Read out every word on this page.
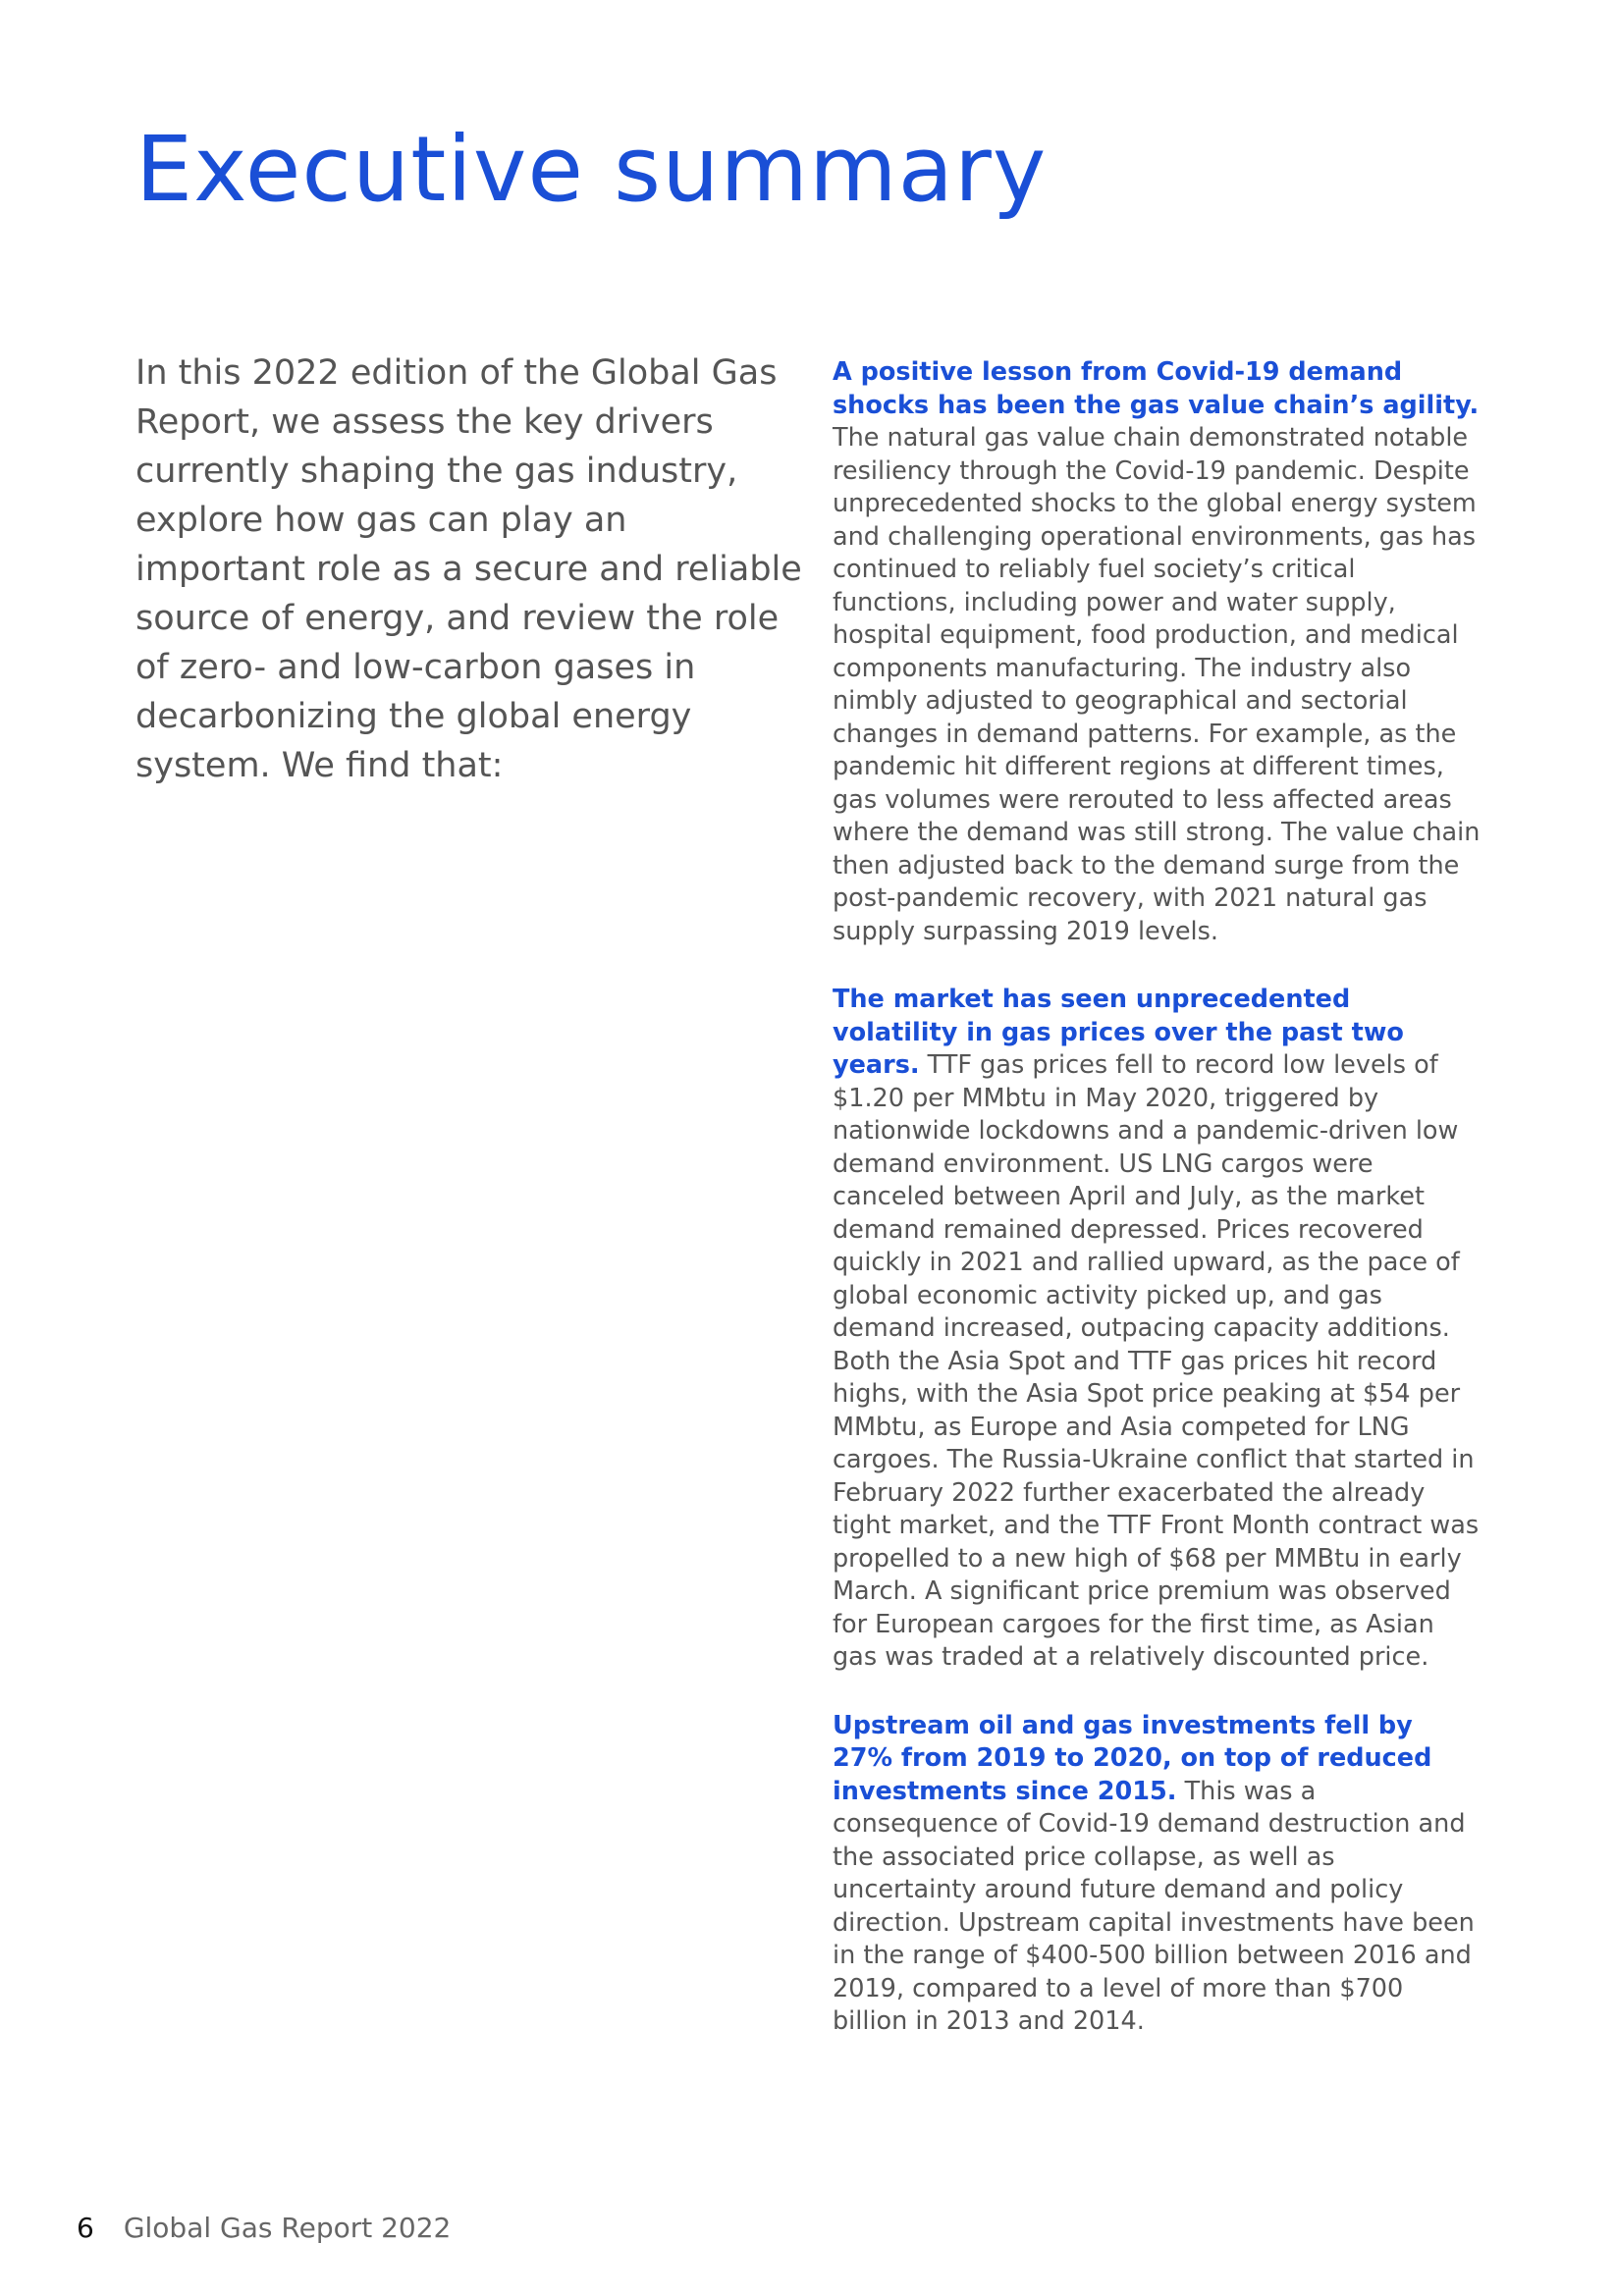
Executive summary

In this 2022 edition of the Global Gas Report, we assess the key drivers currently shaping the gas industry, explore how gas can play an important role as a secure and reliable source of energy, and review the role of zero- and low-carbon gases in decarbonizing the global energy system. We find that:

A positive lesson from Covid-19 demand shocks has been the gas value chain’s agility. The natural gas value chain demonstrated notable resiliency through the Covid-19 pandemic. Despite unprecedented shocks to the global energy system and challenging operational environments, gas has continued to reliably fuel society’s critical functions, including power and water supply, hospital equipment, food production, and medical components manufacturing. The industry also nimbly adjusted to geographical and sectorial changes in demand patterns. For example, as the pandemic hit different regions at different times, gas volumes were rerouted to less affected areas where the demand was still strong. The value chain then adjusted back to the demand surge from the post-pandemic recovery, with 2021 natural gas supply surpassing 2019 levels.

The market has seen unprecedented volatility in gas prices over the past two years. TTF gas prices fell to record low levels of $1.20 per MMbtu in May 2020, triggered by nationwide lockdowns and a pandemic-driven low demand environment. US LNG cargos were canceled between April and July, as the market demand remained depressed. Prices recovered quickly in 2021 and rallied upward, as the pace of global economic activity picked up, and gas demand increased, outpacing capacity additions. Both the Asia Spot and TTF gas prices hit record highs, with the Asia Spot price peaking at $54 per MMbtu, as Europe and Asia competed for LNG cargoes. The Russia-Ukraine conflict that started in February 2022 further exacerbated the already tight market, and the TTF Front Month contract was propelled to a new high of $68 per MMBtu in early March. A significant price premium was observed for European cargoes for the first time, as Asian gas was traded at a relatively discounted price.

Upstream oil and gas investments fell by 27% from 2019 to 2020, on top of reduced investments since 2015. This was a consequence of Covid-19 demand destruction and the associated price collapse, as well as uncertainty around future demand and policy direction. Upstream capital investments have been in the range of $400-500 billion between 2016 and 2019, compared to a level of more than $700 billion in 2013 and 2014.

6 Global Gas Report 2022
